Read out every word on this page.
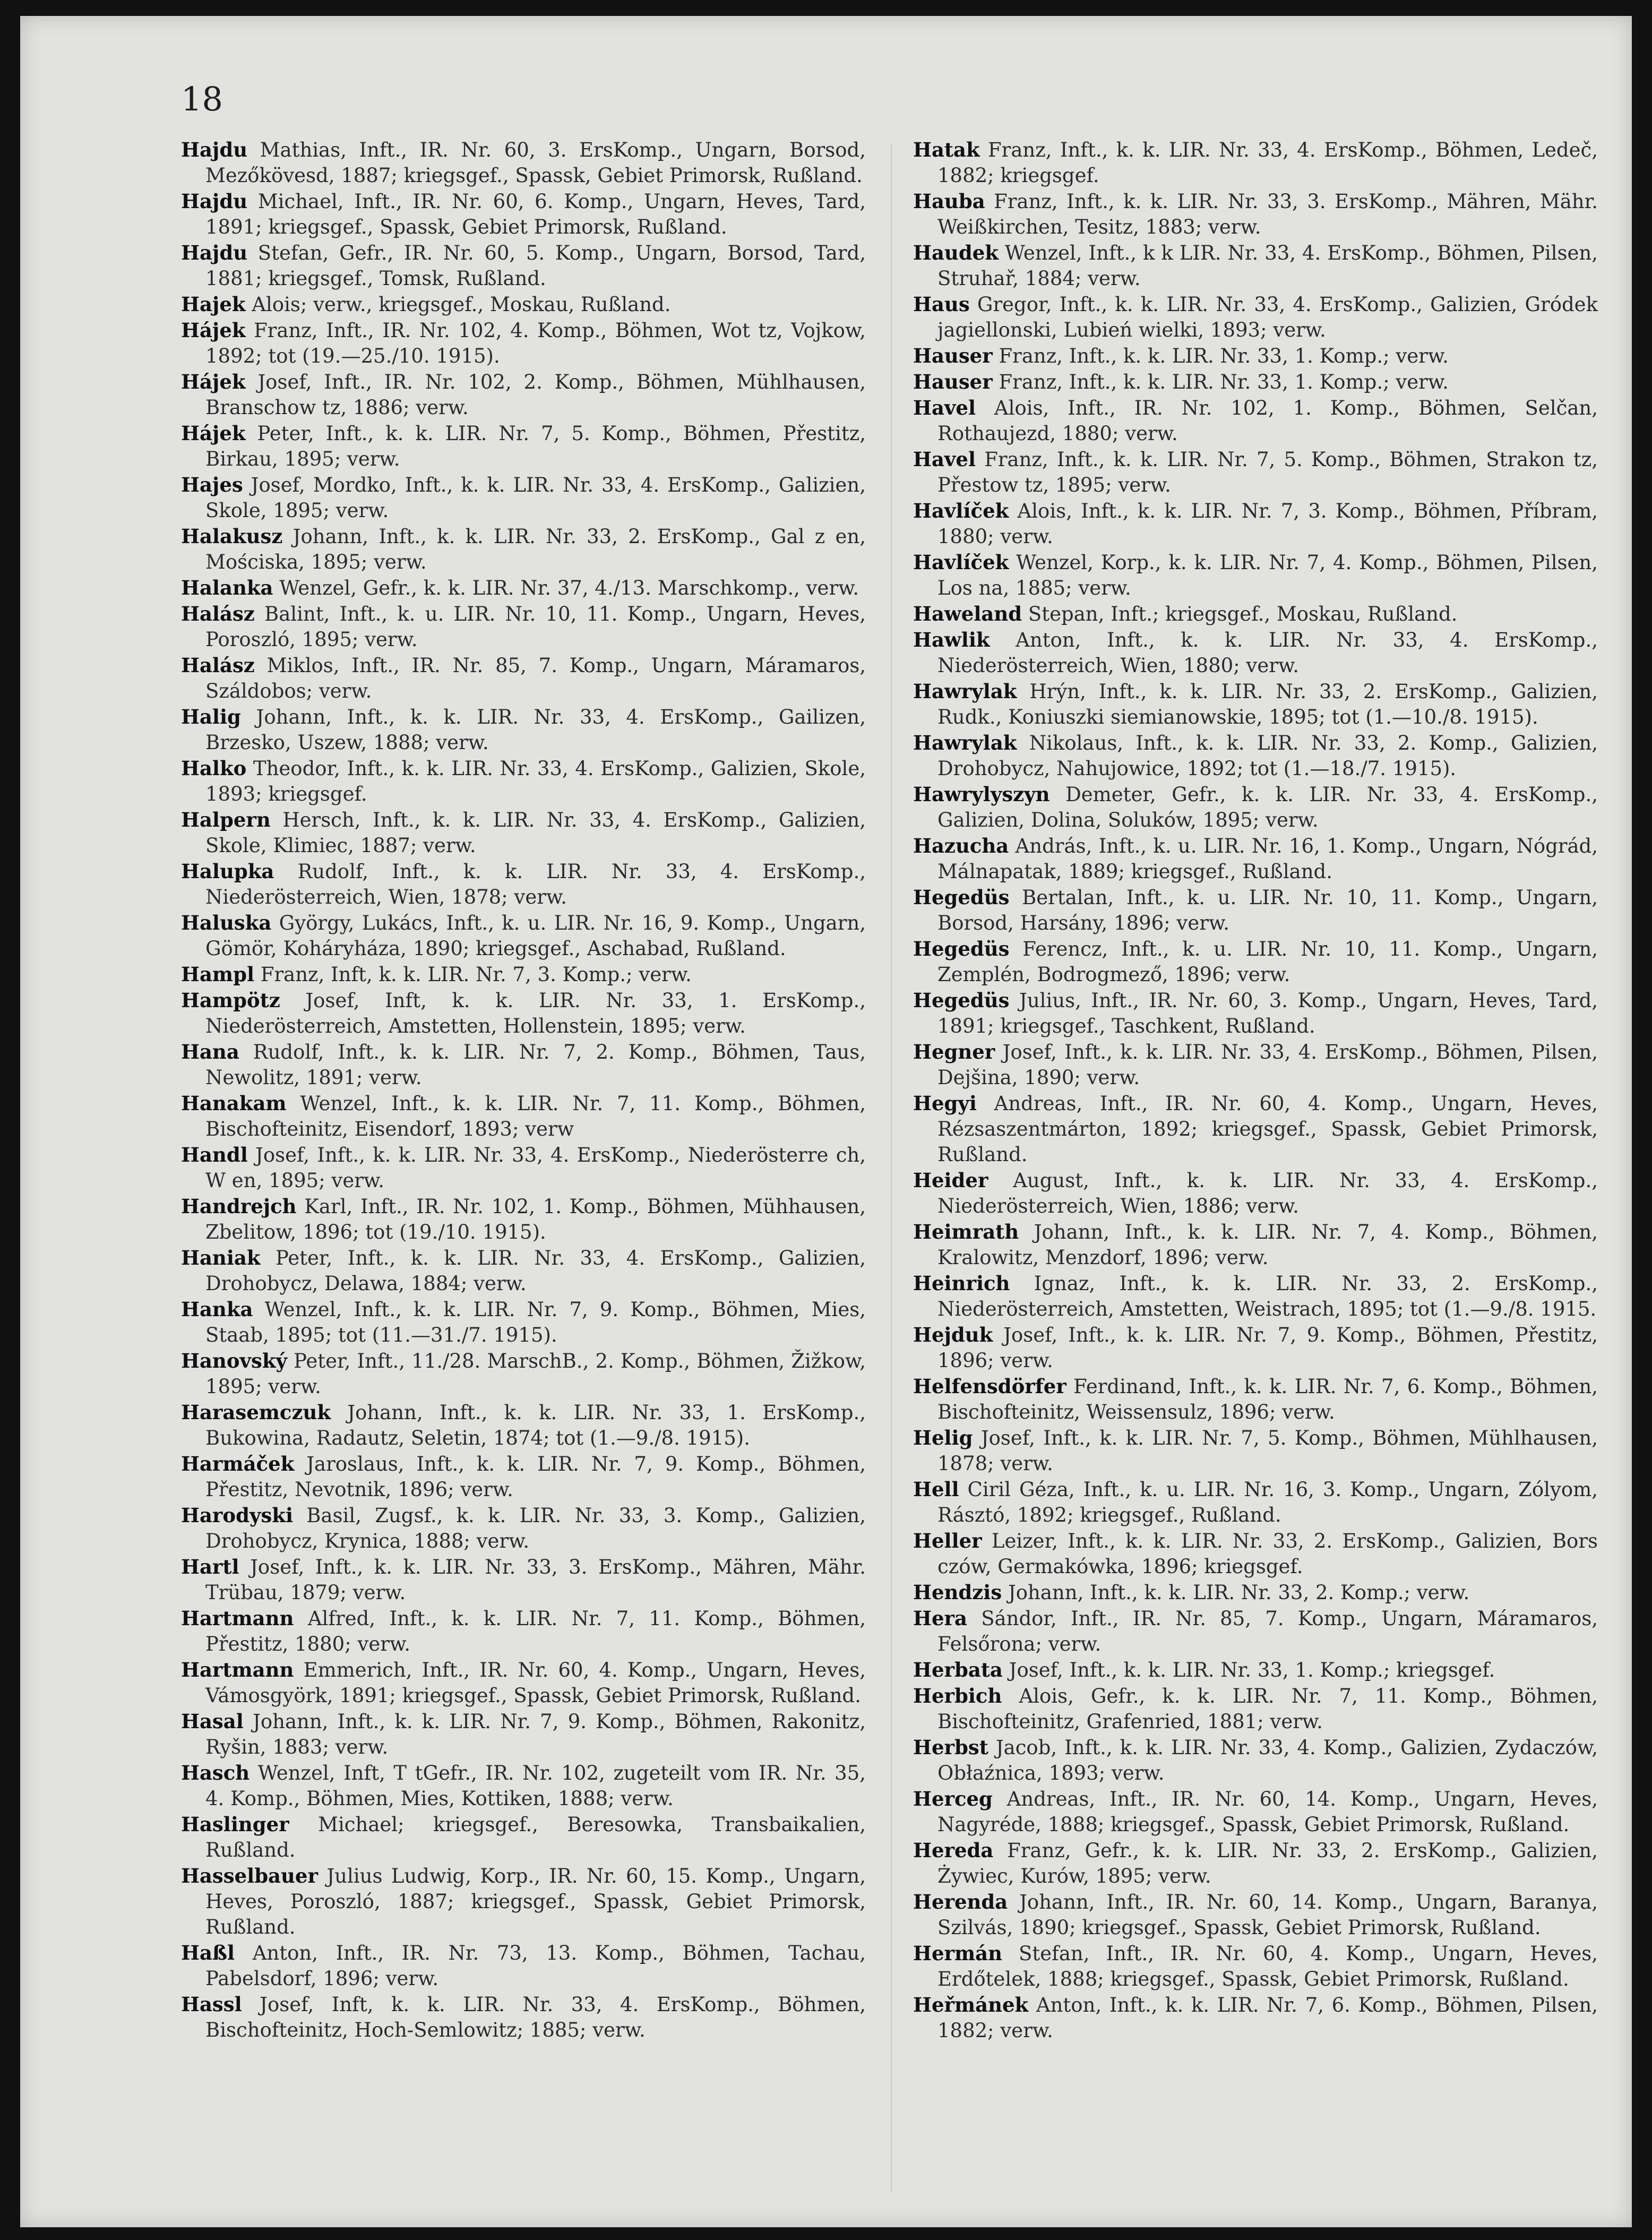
18

Hajdu Mathias, Inft., IR. Nr. 60, 3. ErsKomp., Ungarn, Borsod, Mezőkövesd, 1887; kriegsgef., Spassk, Gebiet Primorsk, Rußland.

Hajdu Michael, Inft., IR. Nr. 60, 6. Komp., Ungarn, Heves, Tard, 1891; kriegsgef., Spassk, Gebiet Primorsk, Rußland.

Hajdu Stefan, Gefr., IR. Nr. 60, 5. Komp., Ungarn, Borsod, Tard, 1881; kriegsgef., Tomsk, Rußland.

Hajek Alois; verw., kriegsgef., Moskau, Rußland.

Hájek Franz, Inft., IR. Nr. 102, 4. Komp., Böhmen, Wot tz, Vojkow, 1892; tot (19.—25./10. 1915).

Hájek Josef, Inft., IR. Nr. 102, 2. Komp., Böhmen, Mühlhausen, Branschow tz, 1886; verw.

Hájek Peter, Inft., k. k. LIR. Nr. 7, 5. Komp., Böhmen, Přestitz, Birkau, 1895; verw.

Hajes Josef, Mordko, Inft., k. k. LIR. Nr. 33, 4. ErsKomp., Galizien, Skole, 1895; verw.

Halakusz Johann, Inft., k. k. LIR. Nr. 33, 2. ErsKomp., Gal z en, Mościska, 1895; verw.

Halanka Wenzel, Gefr., k. k. LIR. Nr. 37, 4./13. Marschkomp., verw.

Halász Balint, Inft., k. u. LIR. Nr. 10, 11. Komp., Ungarn, Heves, Poroszló, 1895; verw.

Halász Miklos, Inft., IR. Nr. 85, 7. Komp., Ungarn, Máramaros, Száldobos; verw.

Halig Johann, Inft., k. k. LIR. Nr. 33, 4. ErsKomp., Gailizen, Brzesko, Uszew, 1888; verw.

Halko Theodor, Inft., k. k. LIR. Nr. 33, 4. ErsKomp., Galizien, Skole, 1893; kriegsgef.

Halpern Hersch, Inft., k. k. LIR. Nr. 33, 4. ErsKomp., Galizien, Skole, Klimiec, 1887; verw.

Halupka Rudolf, Inft., k. k. LIR. Nr. 33, 4. ErsKomp., Niederösterreich, Wien, 1878; verw.

Haluska György, Lukács, Inft., k. u. LIR. Nr. 16, 9. Komp., Ungarn, Gömör, Koháryháza, 1890; kriegsgef., Aschabad, Rußland.

Hampl Franz, Inft, k. k. LIR. Nr. 7, 3. Komp.; verw.

Hampötz Josef, Inft, k. k. LIR. Nr. 33, 1. ErsKomp., Niederösterreich, Amstetten, Hollenstein, 1895; verw.

Hana Rudolf, Inft., k. k. LIR. Nr. 7, 2. Komp., Böhmen, Taus, Newolitz, 1891; verw.

Hanakam Wenzel, Inft., k. k. LIR. Nr. 7, 11. Komp., Böhmen, Bischofteinitz, Eisendorf, 1893; verw

Handl Josef, Inft., k. k. LIR. Nr. 33, 4. ErsKomp., Niederösterre ch, W en, 1895; verw.

Handrejch Karl, Inft., IR. Nr. 102, 1. Komp., Böhmen, Mühhausen, Zbelitow, 1896; tot (19./10. 1915).

Haniak Peter, Inft., k. k. LIR. Nr. 33, 4. ErsKomp., Galizien, Drohobycz, Delawa, 1884; verw.

Hanka Wenzel, Inft., k. k. LIR. Nr. 7, 9. Komp., Böhmen, Mies, Staab, 1895; tot (11.—31./7. 1915).

Hanovský Peter, Inft., 11./28. MarschB., 2. Komp., Böhmen, Žižkow, 1895; verw.

Harasemczuk Johann, Inft., k. k. LIR. Nr. 33, 1. ErsKomp., Bukowina, Radautz, Seletin, 1874; tot (1.—9./8. 1915).

Harmáček Jaroslaus, Inft., k. k. LIR. Nr. 7, 9. Komp., Böhmen, Přestitz, Nevotnik, 1896; verw.

Harodyski Basil, Zugsf., k. k. LIR. Nr. 33, 3. Komp., Galizien, Drohobycz, Krynica, 1888; verw.

Hartl Josef, Inft., k. k. LIR. Nr. 33, 3. ErsKomp., Mähren, Mähr. Trübau, 1879; verw.

Hartmann Alfred, Inft., k. k. LIR. Nr. 7, 11. Komp., Böhmen, Přestitz, 1880; verw.

Hartmann Emmerich, Inft., IR. Nr. 60, 4. Komp., Ungarn, Heves, Vámosgyörk, 1891; kriegsgef., Spassk, Gebiet Primorsk, Rußland.

Hasal Johann, Inft., k. k. LIR. Nr. 7, 9. Komp., Böhmen, Rakonitz, Ryšin, 1883; verw.

Hasch Wenzel, Inft, T tGefr., IR. Nr. 102, zugeteilt vom IR. Nr. 35, 4. Komp., Böhmen, Mies, Kottiken, 1888; verw.

Haslinger Michael; kriegsgef., Beresowka, Transbaikalien, Rußland.

Hasselbauer Julius Ludwig, Korp., IR. Nr. 60, 15. Komp., Ungarn, Heves, Poroszló, 1887; kriegsgef., Spassk, Gebiet Primorsk, Rußland.

Haßl Anton, Inft., IR. Nr. 73, 13. Komp., Böhmen, Tachau, Pabelsdorf, 1896; verw.

Hassl Josef, Inft, k. k. LIR. Nr. 33, 4. ErsKomp., Böhmen, Bischofteinitz, Hoch-Semlowitz; 1885; verw.

Hatak Franz, Inft., k. k. LIR. Nr. 33, 4. ErsKomp., Böhmen, Ledeč, 1882; kriegsgef.

Hauba Franz, Inft., k. k. LIR. Nr. 33, 3. ErsKomp., Mähren, Mähr. Weißkirchen, Tesitz, 1883; verw.

Haudek Wenzel, Inft., k k LIR. Nr. 33, 4. ErsKomp., Böhmen, Pilsen, Struhař, 1884; verw.

Haus Gregor, Inft., k. k. LIR. Nr. 33, 4. ErsKomp., Galizien, Gródek jagiellonski, Lubień wielki, 1893; verw.

Hauser Franz, Inft., k. k. LIR. Nr. 33, 1. Komp.; verw.

Hauser Franz, Inft., k. k. LIR. Nr. 33, 1. Komp.; verw.

Havel Alois, Inft., IR. Nr. 102, 1. Komp., Böhmen, Selčan, Rothaujezd, 1880; verw.

Havel Franz, Inft., k. k. LIR. Nr. 7, 5. Komp., Böhmen, Strakon tz, Přestow tz, 1895; verw.

Havlíček Alois, Inft., k. k. LIR. Nr. 7, 3. Komp., Böhmen, Příbram, 1880; verw.

Havlíček Wenzel, Korp., k. k. LIR. Nr. 7, 4. Komp., Böhmen, Pilsen, Los na, 1885; verw.

Haweland Stepan, Inft.; kriegsgef., Moskau, Rußland.

Hawlik Anton, Inft., k. k. LIR. Nr. 33, 4. ErsKomp., Niederösterreich, Wien, 1880; verw.

Hawrylak Hrýn, Inft., k. k. LIR. Nr. 33, 2. ErsKomp., Galizien, Rudk., Koniuszki siemianowskie, 1895; tot (1.—10./8. 1915).

Hawrylak Nikolaus, Inft., k. k. LIR. Nr. 33, 2. Komp., Galizien, Drohobycz, Nahujowice, 1892; tot (1.—18./7. 1915).

Hawrylyszyn Demeter, Gefr., k. k. LIR. Nr. 33, 4. ErsKomp., Galizien, Dolina, Solukόw, 1895; verw.

Hazucha András, Inft., k. u. LIR. Nr. 16, 1. Komp., Ungarn, Nógrád, Málnapatak, 1889; kriegsgef., Rußland.

Hegedüs Bertalan, Inft., k. u. LIR. Nr. 10, 11. Komp., Ungarn, Borsod, Harsány, 1896; verw.

Hegedüs Ferencz, Inft., k. u. LIR. Nr. 10, 11. Komp., Ungarn, Zemplén, Bodrogmező, 1896; verw.

Hegedüs Julius, Inft., IR. Nr. 60, 3. Komp., Ungarn, Heves, Tard, 1891; kriegsgef., Taschkent, Rußland.

Hegner Josef, Inft., k. k. LIR. Nr. 33, 4. ErsKomp., Böhmen, Pilsen, Dejšina, 1890; verw.

Hegyi Andreas, Inft., IR. Nr. 60, 4. Komp., Ungarn, Heves, Rézsaszentmárton, 1892; kriegsgef., Spassk, Gebiet Primorsk, Rußland.

Heider August, Inft., k. k. LIR. Nr. 33, 4. ErsKomp., Niederösterreich, Wien, 1886; verw.

Heimrath Johann, Inft., k. k. LIR. Nr. 7, 4. Komp., Böhmen, Kralowitz, Menzdorf, 1896; verw.

Heinrich Ignaz, Inft., k. k. LIR. Nr. 33, 2. ErsKomp., Niederösterreich, Amstetten, Weistrach, 1895; tot (1.—9./8. 1915.

Hejduk Josef, Inft., k. k. LIR. Nr. 7, 9. Komp., Böhmen, Přestitz, 1896; verw.

Helfensdörfer Ferdinand, Inft., k. k. LIR. Nr. 7, 6. Komp., Böhmen, Bischofteinitz, Weissensulz, 1896; verw.

Helig Josef, Inft., k. k. LIR. Nr. 7, 5. Komp., Böhmen, Mühlhausen, 1878; verw.

Hell Ciril Géza, Inft., k. u. LIR. Nr. 16, 3. Komp., Ungarn, Zólyom, Rásztó, 1892; kriegsgef., Rußland.

Heller Leizer, Inft., k. k. LIR. Nr. 33, 2. ErsKomp., Galizien, Bors czów, Germakówka, 1896; kriegsgef.

Hendzis Johann, Inft., k. k. LIR. Nr. 33, 2. Komp.; verw.

Hera Sándor, Inft., IR. Nr. 85, 7. Komp., Ungarn, Máramaros, Felsőrona; verw.

Herbata Josef, Inft., k. k. LIR. Nr. 33, 1. Komp.; kriegsgef.

Herbich Alois, Gefr., k. k. LIR. Nr. 7, 11. Komp., Böhmen, Bischofteinitz, Grafenried, 1881; verw.

Herbst Jacob, Inft., k. k. LIR. Nr. 33, 4. Komp., Galizien, Zydaczów, Obłaźnica, 1893; verw.

Herceg Andreas, Inft., IR. Nr. 60, 14. Komp., Ungarn, Heves, Nagyréde, 1888; kriegsgef., Spassk, Gebiet Primorsk, Rußland.

Hereda Franz, Gefr., k. k. LIR. Nr. 33, 2. ErsKomp., Galizien, Żywiec, Kurów, 1895; verw.

Herenda Johann, Inft., IR. Nr. 60, 14. Komp., Ungarn, Baranya, Szilvás, 1890; kriegsgef., Spassk, Gebiet Primorsk, Rußland.

Hermán Stefan, Inft., IR. Nr. 60, 4. Komp., Ungarn, Heves, Erdőtelek, 1888; kriegsgef., Spassk, Gebiet Primorsk, Rußland.

Heřmánek Anton, Inft., k. k. LIR. Nr. 7, 6. Komp., Böhmen, Pilsen, 1882; verw.
